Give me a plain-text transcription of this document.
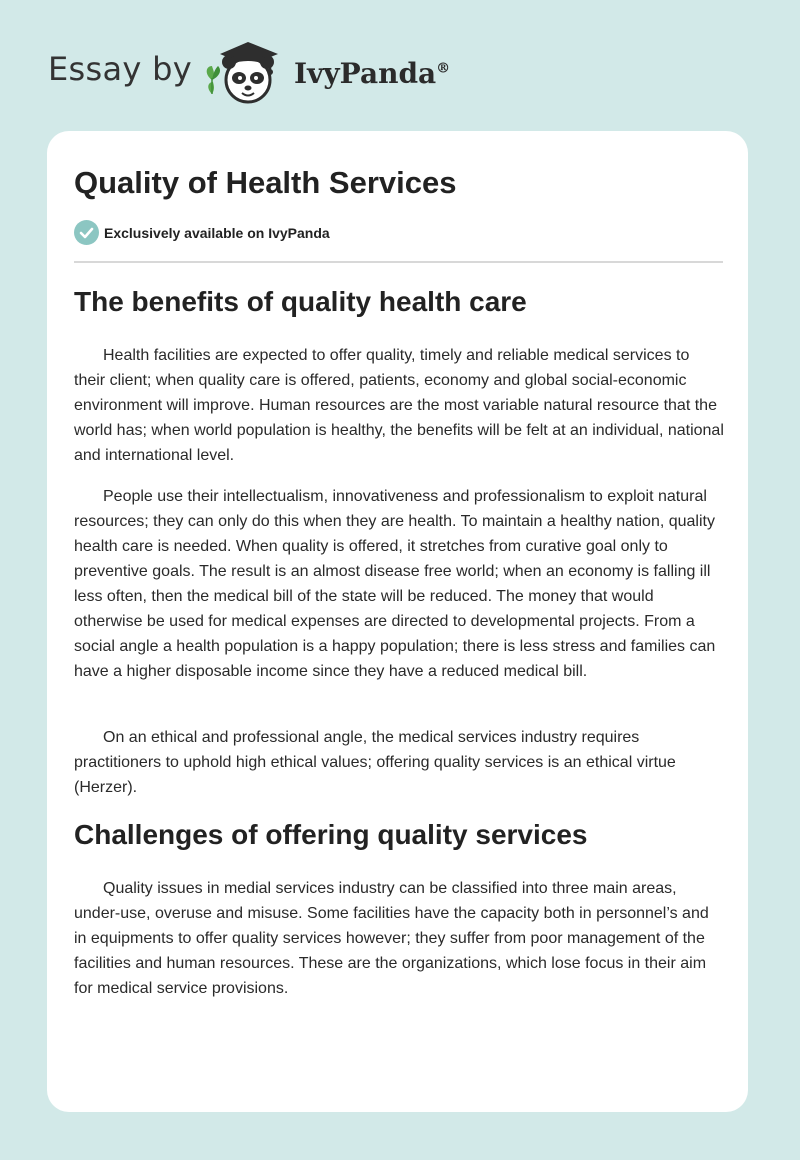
Essay by	IvyPanda®
Quality of Health Services
Exclusively available on IvyPanda
The benefits of quality health care

Health facilities are expected to offer quality, timely and reliable medical services to their client; when quality care is offered, patients, economy and global social-economic environment will improve. Human resources are the most variable natural resource that the world has; when world population is healthy, the benefits will be felt at an individual, national and international level.

People use their intellectualism, innovativeness and professionalism to exploit natural resources; they can only do this when they are health. To maintain a healthy nation, quality health care is needed. When quality is offered, it stretches from curative goal only to preventive goals. The result is an almost disease free world; when an economy is falling ill less often, then the medical bill of the state will be reduced. The money that would otherwise be used for medical expenses are directed to developmental projects. From a social angle a health population is a happy population; there is less stress and families can have a higher disposable income since they have a reduced medical bill.

On an ethical and professional angle, the medical services industry requires practitioners to uphold high ethical values; offering quality services is an ethical virtue (Herzer).

Challenges of offering quality services

Quality issues in medial services industry can be classified into three main areas, under-use, overuse and misuse. Some facilities have the capacity both in personnel’s and in equipments to offer quality services however; they suffer from poor management of the facilities and human resources. These are the organizations, which lose focus in their aim for medical service provisions.
